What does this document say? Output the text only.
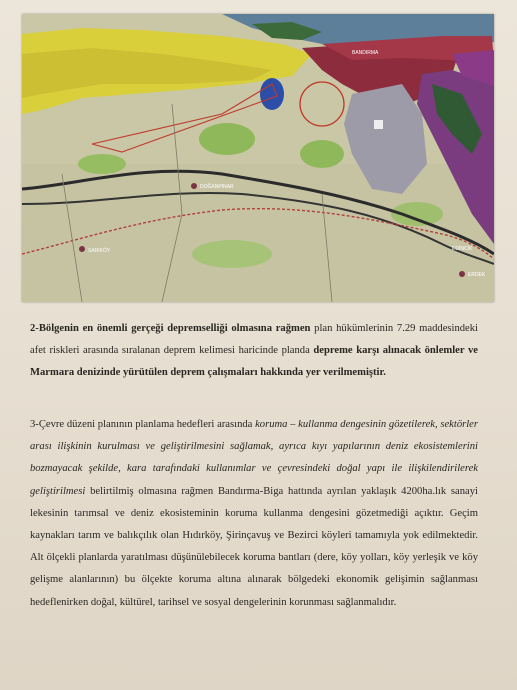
BANDIRMA
DOĞANPINAR
EDİNCİK
SARIKÖY
ERDEK

2-Bölgenin en önemli gerçeği depremselliği olmasına rağmen plan hükümlerinin 7.29 maddesindeki afet riskleri arasında sıralanan deprem kelimesi haricinde planda depreme karşı alınacak önlemler ve Marmara denizinde yürütülen deprem çalışmaları hakkında yer verilmemiştir.

3-Çevre düzeni planının planlama hedefleri arasında koruma – kullanma dengesinin gözetilerek, sektörler arası ilişkinin kurulması ve geliştirilmesini sağlamak, ayrıca kıyı yapılarının deniz ekosistemlerini bozmayacak şekilde, kara tarafındaki kullanımlar ve çevresindeki doğal yapı ile ilişkilendirilerek geliştirilmesi belirtilmiş olmasına rağmen Bandırma-Biga hattında ayrılan yaklaşık 4200ha.lık sanayi lekesinin tarımsal ve deniz ekosisteminin koruma kullanma dengesini gözetmediği açıktır. Geçim kaynakları tarım ve balıkçılık olan Hıdırköy, Şirinçavuş ve Bezirci köyleri tamamıyla yok edilmektedir. Alt ölçekli planlarda yaratılması düşünülebilecek koruma bantları (dere, köy yolları, köy yerleşik ve köy gelişme alanlarının) bu ölçekte koruma altına alınarak bölgedeki ekonomik gelişimin sağlanması hedeflenirken doğal, kültürel, tarihsel ve sosyal dengelerinin korunması sağlanmalıdır.
